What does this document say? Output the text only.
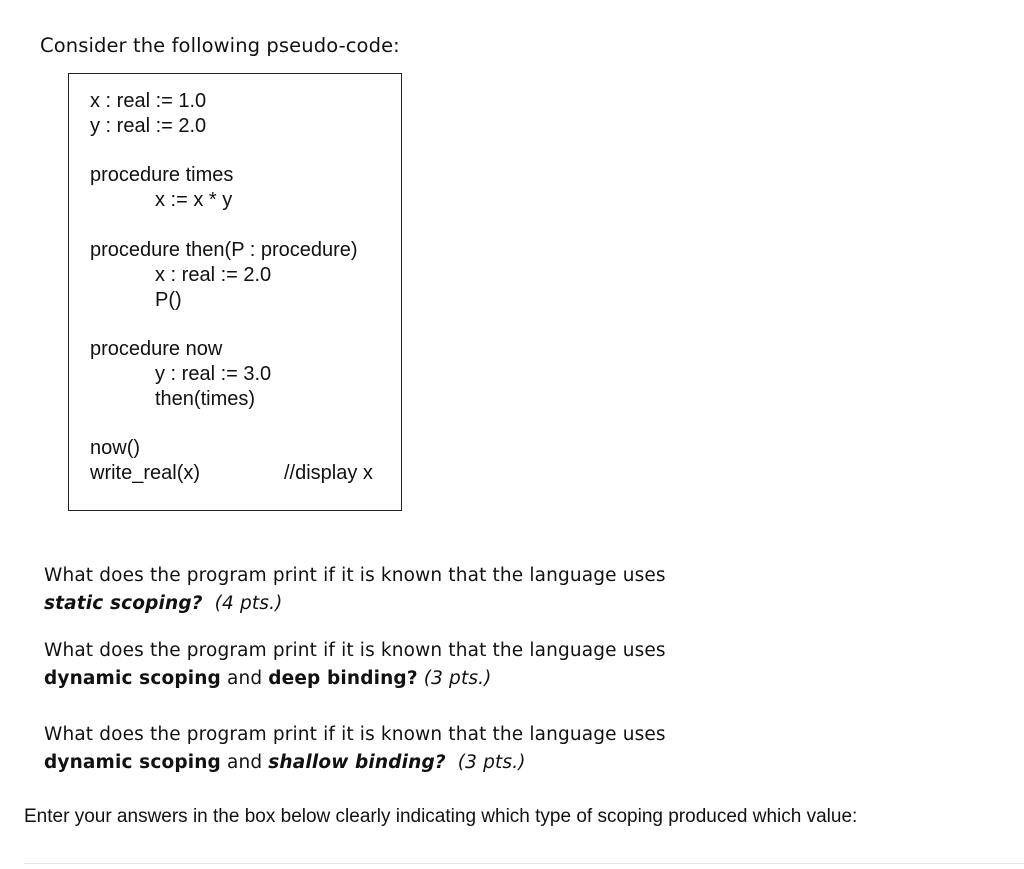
Consider the following pseudo-code:
x : real := 1.0
y : real := 2.0
procedure times
x := x * y
procedure then(P : procedure)
x : real := 2.0
P()
procedure now
y : real := 3.0
then(times)
now()
write_real(x)	//display x
What does the program print if it is known that the language uses
static scoping? (4 pts.)
What does the program print if it is known that the language uses
dynamic scoping and deep binding? (3 pts.)
What does the program print if it is known that the language uses
dynamic scoping and shallow binding? (3 pts.)
Enter your answers in the box below clearly indicating which type of scoping produced which value:
